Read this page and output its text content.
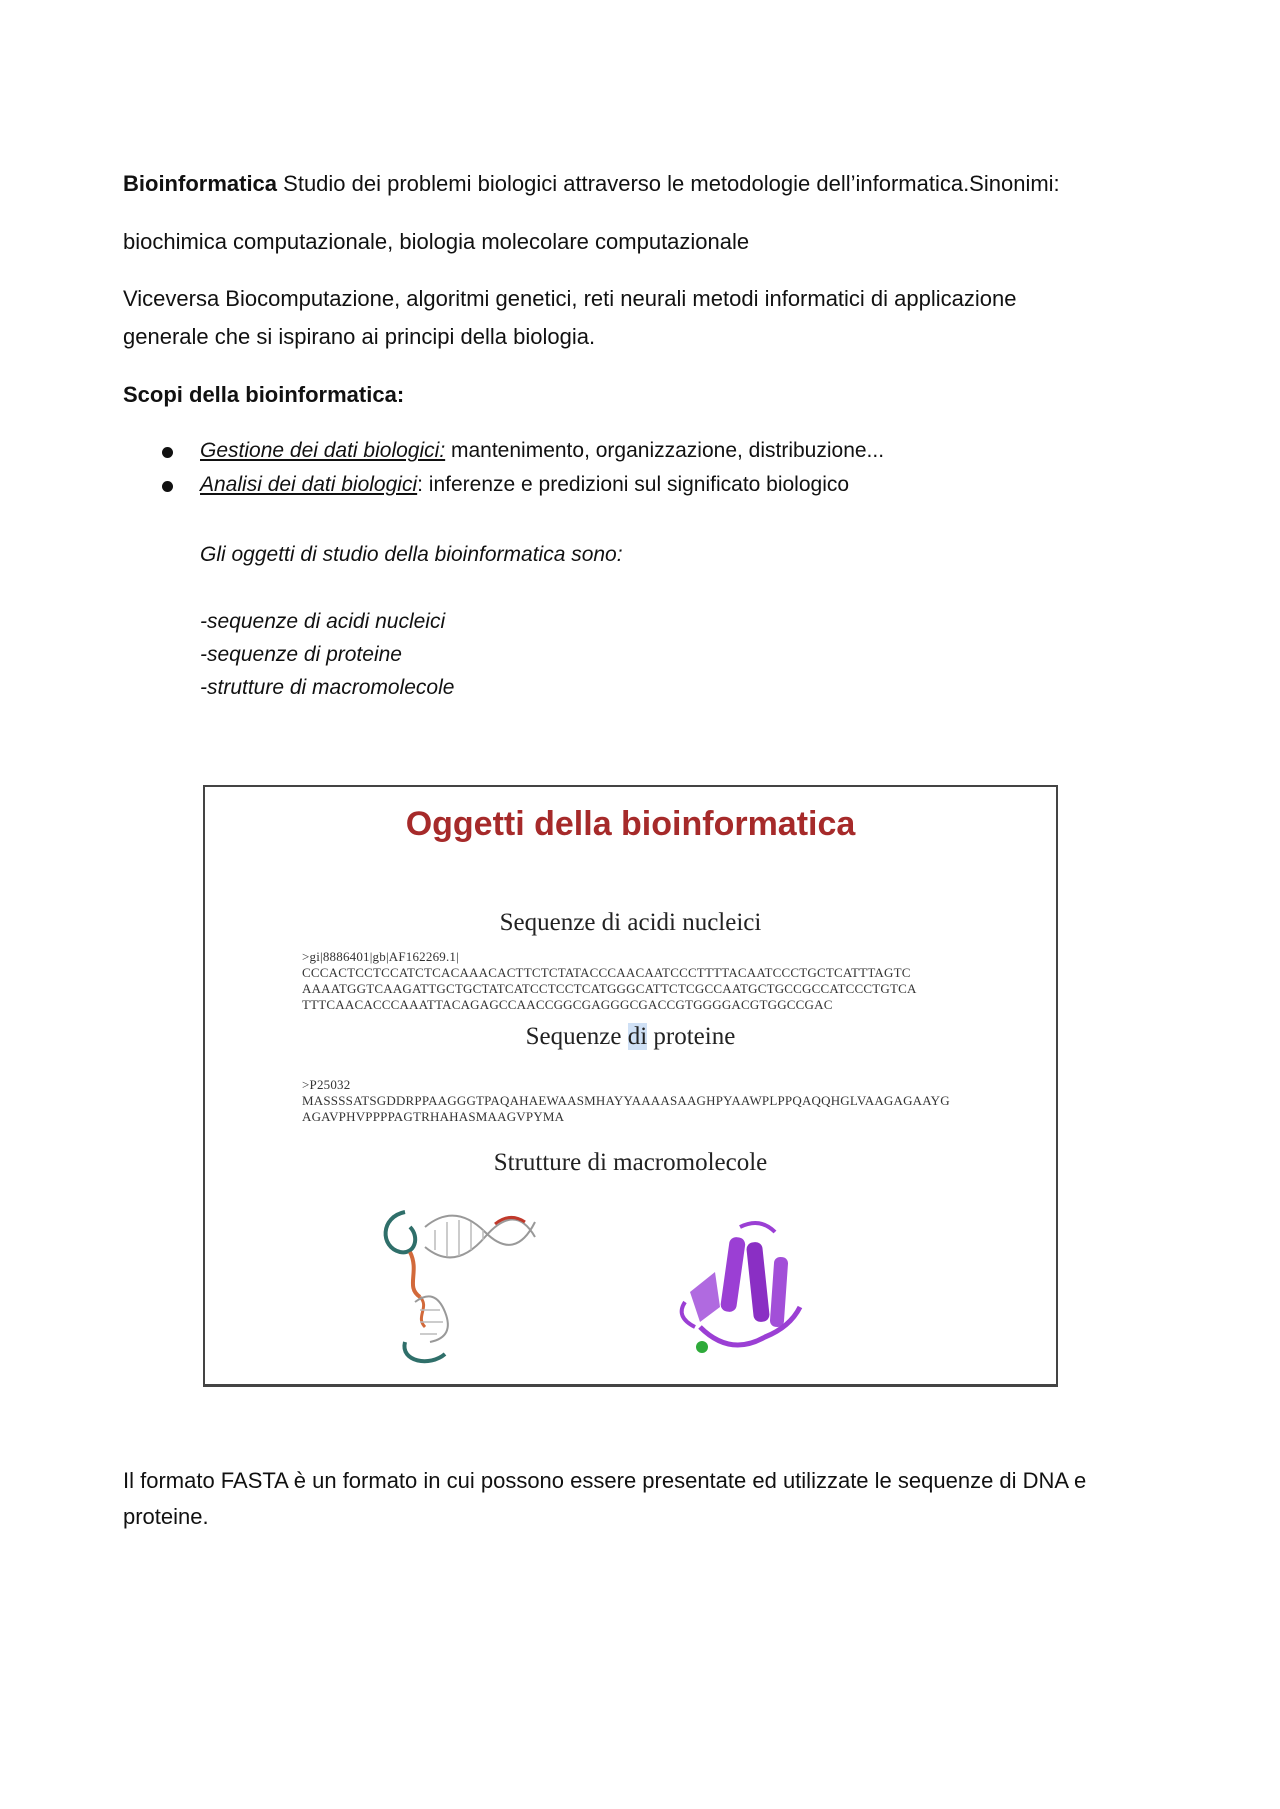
Bioinformatica Studio dei problemi biologici attraverso le metodologie dell’informatica.Sinonimi:

biochimica computazionale, biologia molecolare computazionale

Viceversa Biocomputazione, algoritmi genetici, reti neurali metodi informatici di applicazione

generale che si ispirano ai principi della biologia.

Scopi della bioinformatica:

Gestione dei dati biologici: mantenimento, organizzazione, distribuzione...
Analisi dei dati biologici: inferenze e predizioni sul significato biologico

Gli oggetti di studio della bioinformatica sono:

-sequenze di acidi nucleici

-sequenze di proteine

-strutture di macromolecole

Oggetti della bioinformatica

Sequenze di acidi nucleici

>gi|8886401|gb|AF162269.1|
CCCACTCCTCCATCTCACAAACACTTCTCTATACCCAACAATCCCTTTTACAATCCCTGCTCATTTAGTC
AAAATGGTCAAGATTGCTGCTATCATCCTCCTCATGGGCATTCTCGCCAATGCTGCCGCCATCCCTGTCA
TTTCAACACCCAAATTACAGAGCCAACCGGCGAGGGCGACCGTGGGGACGTGGCCGAC

Sequenze di proteine

>P25032
MASSSSATSGDDRPPAAGGGTPAQAHAEWAASMHAYYAAAASAAGHPYAAWPLPPQAQQHGLVAAGAGAAYG
AGAVPHVPPPPAGTRHAHASMAAGVPYMA

Strutture di macromolecole

Il formato FASTA è un formato in cui possono essere presentate ed utilizzate le sequenze di DNA e

proteine.
